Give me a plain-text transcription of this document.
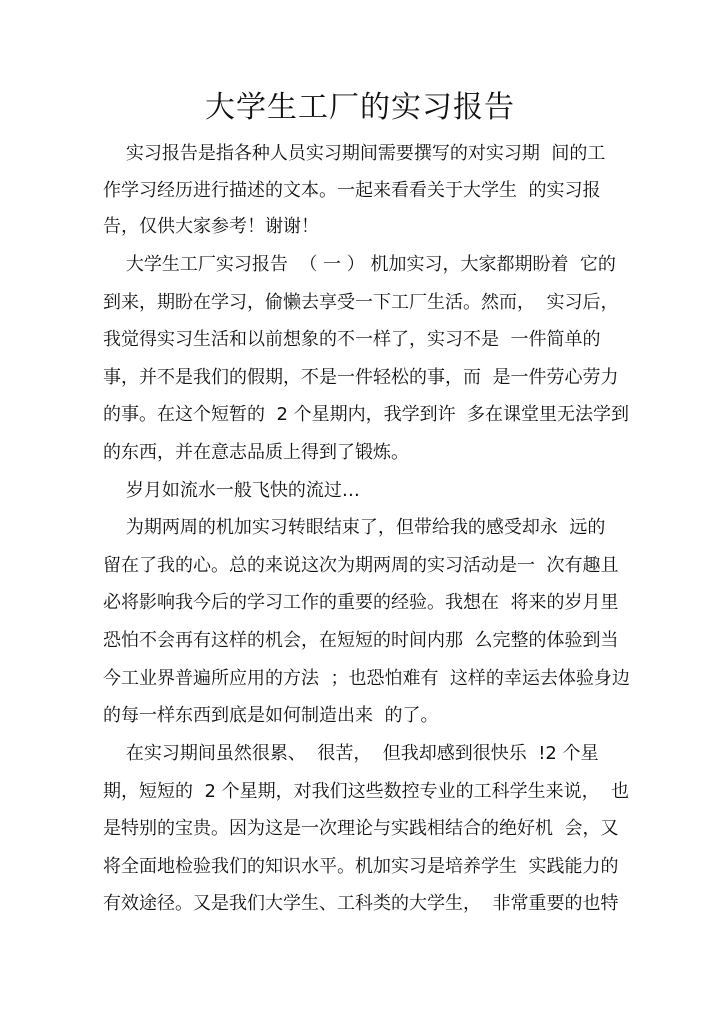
大学生工厂的实习报告

实习报告是指各种人员实习期间需要撰写的对实习期  间的工

作学习经历进行描述的文本。一起来看看关于大学生  的实习报

告，仅供大家参考！谢谢！

大学生工厂实习报告  （ 一 ） 机加实习，大家都期盼着  它的

到来，期盼在学习，偷懒去享受一下工厂生活。然而，  实习后，

我觉得实习生活和以前想象的不一样了，实习不是  一件简单的

事，并不是我们的假期，不是一件轻松的事，而  是一件劳心劳力

的事。在这个短暂的  2 个星期内，我学到许  多在课堂里无法学到

的东西，并在意志品质上得到了锻炼。

岁月如流水一般飞快的流过…

为期两周的机加实习转眼结束了，但带给我的感受却永  远的

留在了我的心。总的来说这次为期两周的实习活动是一  次有趣且

必将影响我今后的学习工作的重要的经验。我想在  将来的岁月里

恐怕不会再有这样的机会，在短短的时间内那  么完整的体验到当

今工业界普遍所应用的方法  ；也恐怕难有  这样的幸运去体验身边

的每一样东西到底是如何制造出来  的了。

在实习期间虽然很累、  很苦，  但我却感到很快乐  !2 个星

期，短短的  2 个星期，对我们这些数控专业的工科学生来说，  也

是特别的宝贵。因为这是一次理论与实践相结合的绝好机  会，又

将全面地检验我们的知识水平。机加实习是培养学生  实践能力的

有效途径。又是我们大学生、工科类的大学生，  非常重要的也特
